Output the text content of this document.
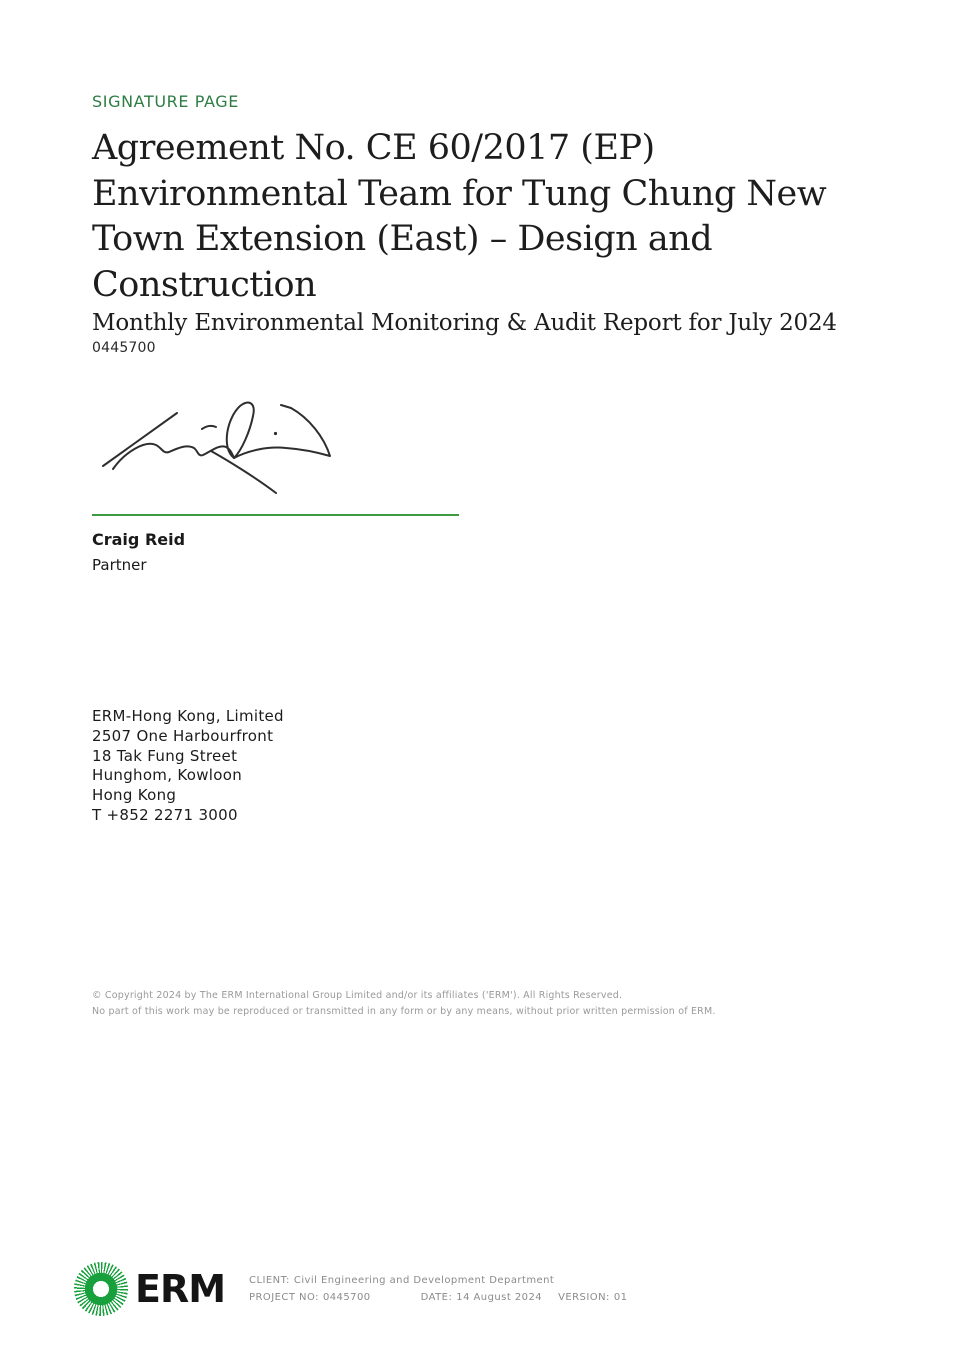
SIGNATURE PAGE
Agreement No. CE 60/2017 (EP)
Environmental Team for Tung Chung New
Town Extension (East) – Design and
Construction
Monthly Environmental Monitoring & Audit Report for July 2024
0445700
Craig Reid
Partner
ERM-Hong Kong, Limited
2507 One Harbourfront
18 Tak Fung Street
Hunghom, Kowloon
Hong Kong
T +852 2271 3000
© Copyright 2024 by The ERM International Group Limited and/or its affiliates ('ERM'). All Rights Reserved.
No part of this work may be reproduced or transmitted in any form or by any means, without prior written permission of ERM.
ERM CLIENT: Civil Engineering and Development Department
PROJECT NO: 0445700	DATE: 14 August 2024 VERSION: 01
